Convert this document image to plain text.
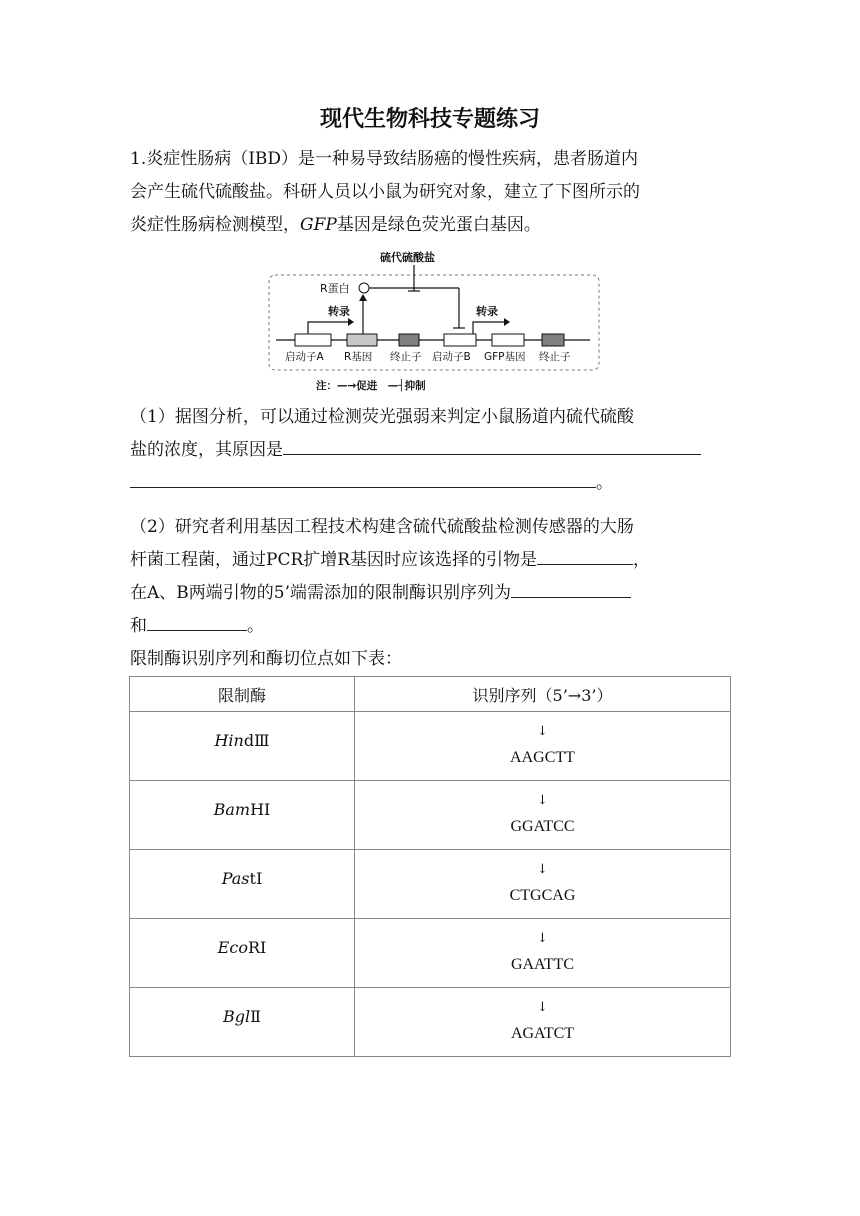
现代生物科技专题练习
1.炎症性肠病（IBD）是一种易导致结肠癌的慢性疾病，患者肠道内
会产生硫代硫酸盐。科研人员以小鼠为研究对象，建立了下图所示的
炎症性肠病检测模型，GFP基因是绿色荧光蛋白基因。
硫代硫酸盐
R蛋白
转录	转录
启动子A R基因 终止子 启动子B GFP基因 终止子
注：—→促进　—┤抑制
（1）据图分析，可以通过检测荧光强弱来判定小鼠肠道内硫代硫酸
盐的浓度，其原因是
。
（2）研究者利用基因工程技术构建含硫代硫酸盐检测传感器的大肠
杆菌工程菌，通过PCR扩增R基因时应该选择的引物是	，
在A、B两端引物的5’端需添加的限制酶识别序列为
和	。
限制酶识别序列和酶切位点如下表：
限制酶	识别序列（5’→3’）
HindⅢ	↓
AAGCTT

BamHⅠ	↓
GGATCC

PastⅠ	↓
CTGCAG

EcoRⅠ	↓
GAATTC

BglⅡ	↓
AGATCT
